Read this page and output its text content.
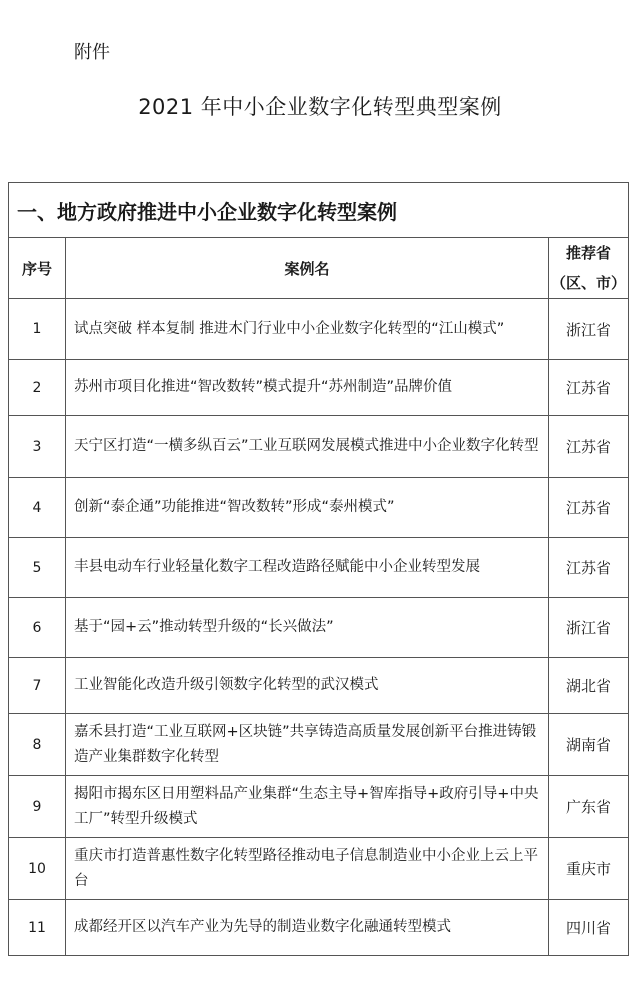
附件
2021 年中小企业数字化转型典型案例
一、地方政府推进中小企业数字化转型案例		
序号	案例名	推荐省
（区、市）

1	试点突破 样本复制 推进木门行业中小企业数字化转型的“江山模式”	浙江省
2	苏州市项目化推进“智改数转”模式提升“苏州制造”品牌价值	江苏省
3	天宁区打造“一横多纵百云”工业互联网发展模式推进中小企业数字化转型	江苏省
4	创新“泰企通”功能推进“智改数转”形成“泰州模式”	江苏省
5	丰县电动车行业轻量化数字工程改造路径赋能中小企业转型发展	江苏省
6	基于“园+云”推动转型升级的“长兴做法”	浙江省
7	工业智能化改造升级引领数字化转型的武汉模式	湖北省
8	嘉禾县打造“工业互联网+区块链”共享铸造高质量发展创新平台推进铸锻造产业集群数字化转型	湖南省
9	揭阳市揭东区日用塑料品产业集群“生态主导+智库指导+政府引导+中央工厂”转型升级模式	广东省
10	重庆市打造普惠性数字化转型路径推动电子信息制造业中小企业上云上平台	重庆市
11	成都经开区以汽车产业为先导的制造业数字化融通转型模式	四川省
